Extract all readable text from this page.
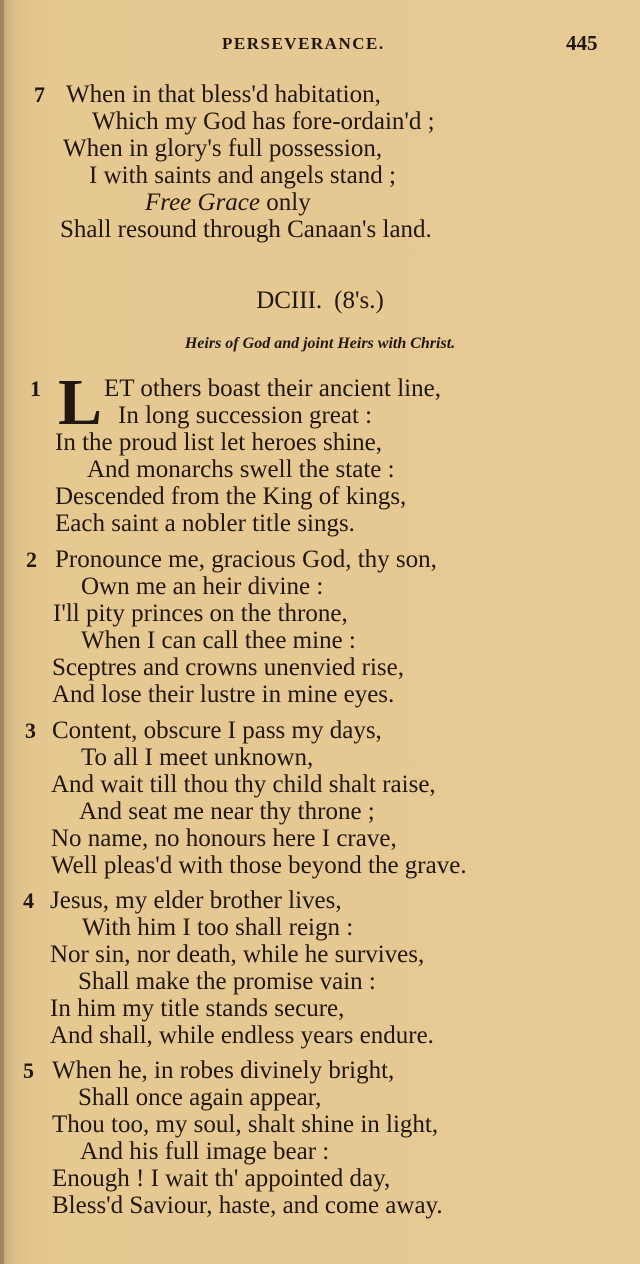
PERSEVERANCE.	445
7 When in that bless'd habitation,
Which my God has fore-ordain'd ;
When in glory's full possession,
I with saints and angels stand ;
Free Grace only
Shall resound through Canaan's land.
DCIII. (8's.)
Heirs of God and joint Heirs with Christ.
1 L ET others boast their ancient line,
In long succession great :
In the proud list let heroes shine,
And monarchs swell the state :
Descended from the King of kings,
Each saint a nobler title sings.
2 Pronounce me, gracious God, thy son,
Own me an heir divine :
I'll pity princes on the throne,
When I can call thee mine :
Sceptres and crowns unenvied rise,
And lose their lustre in mine eyes.
3 Content, obscure I pass my days,
To all I meet unknown,
And wait till thou thy child shalt raise,
And seat me near thy throne ;
No name, no honours here I crave,
Well pleas'd with those beyond the grave.
4 Jesus, my elder brother lives,
With him I too shall reign :
Nor sin, nor death, while he survives,
Shall make the promise vain :
In him my title stands secure,
And shall, while endless years endure.
5 When he, in robes divinely bright,
Shall once again appear,
Thou too, my soul, shalt shine in light,
And his full image bear :
Enough ! I wait th' appointed day,
Bless'd Saviour, haste, and come away.
